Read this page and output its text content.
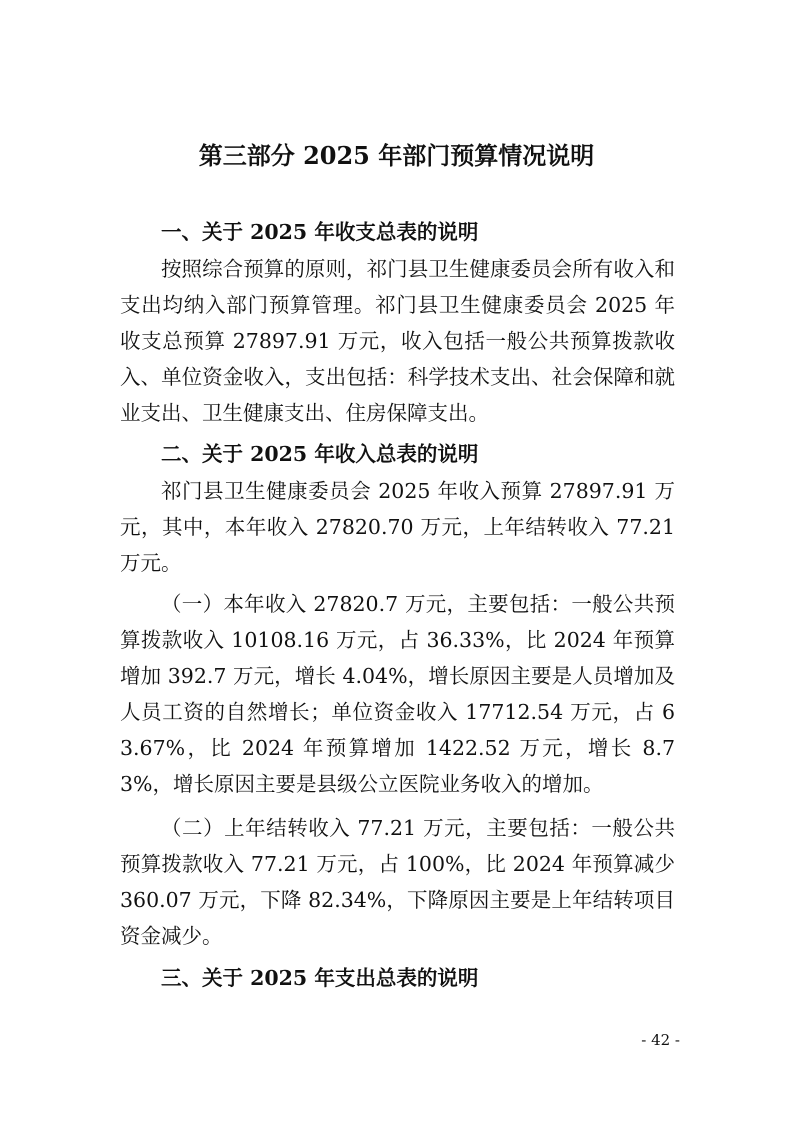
第三部分 2025 年部门预算情况说明
一、关于 2025 年收支总表的说明

按照综合预算的原则，祁门县卫生健康委员会所有收入和支出均纳入部门预算管理。祁门县卫生健康委员会 2025 年收支总预算 27897.91 万元，收入包括一般公共预算拨款收入、单位资金收入，支出包括：科学技术支出、社会保障和就业支出、卫生健康支出、住房保障支出。

二、关于 2025 年收入总表的说明

祁门县卫生健康委员会 2025 年收入预算 27897.91 万元，其中，本年收入 27820.70 万元，上年结转收入 77.21 万元。

（一）本年收入 27820.7 万元，主要包括：一般公共预算拨款收入 10108.16 万元，占 36.33%，比 2024 年预算增加 392.7 万元，增长 4.04%，增长原因主要是人员增加及人员工资的自然增长；单位资金收入 17712.54 万元，占 63.67%，比 2024 年预算增加 1422.52 万元，增长 8.73%，增长原因主要是县级公立医院业务收入的增加。

（二）上年结转收入 77.21 万元，主要包括：一般公共预算拨款收入 77.21 万元，占 100%，比 2024 年预算减少 360.07 万元，下降 82.34%，下降原因主要是上年结转项目资金减少。

三、关于 2025 年支出总表的说明
- 42 -
